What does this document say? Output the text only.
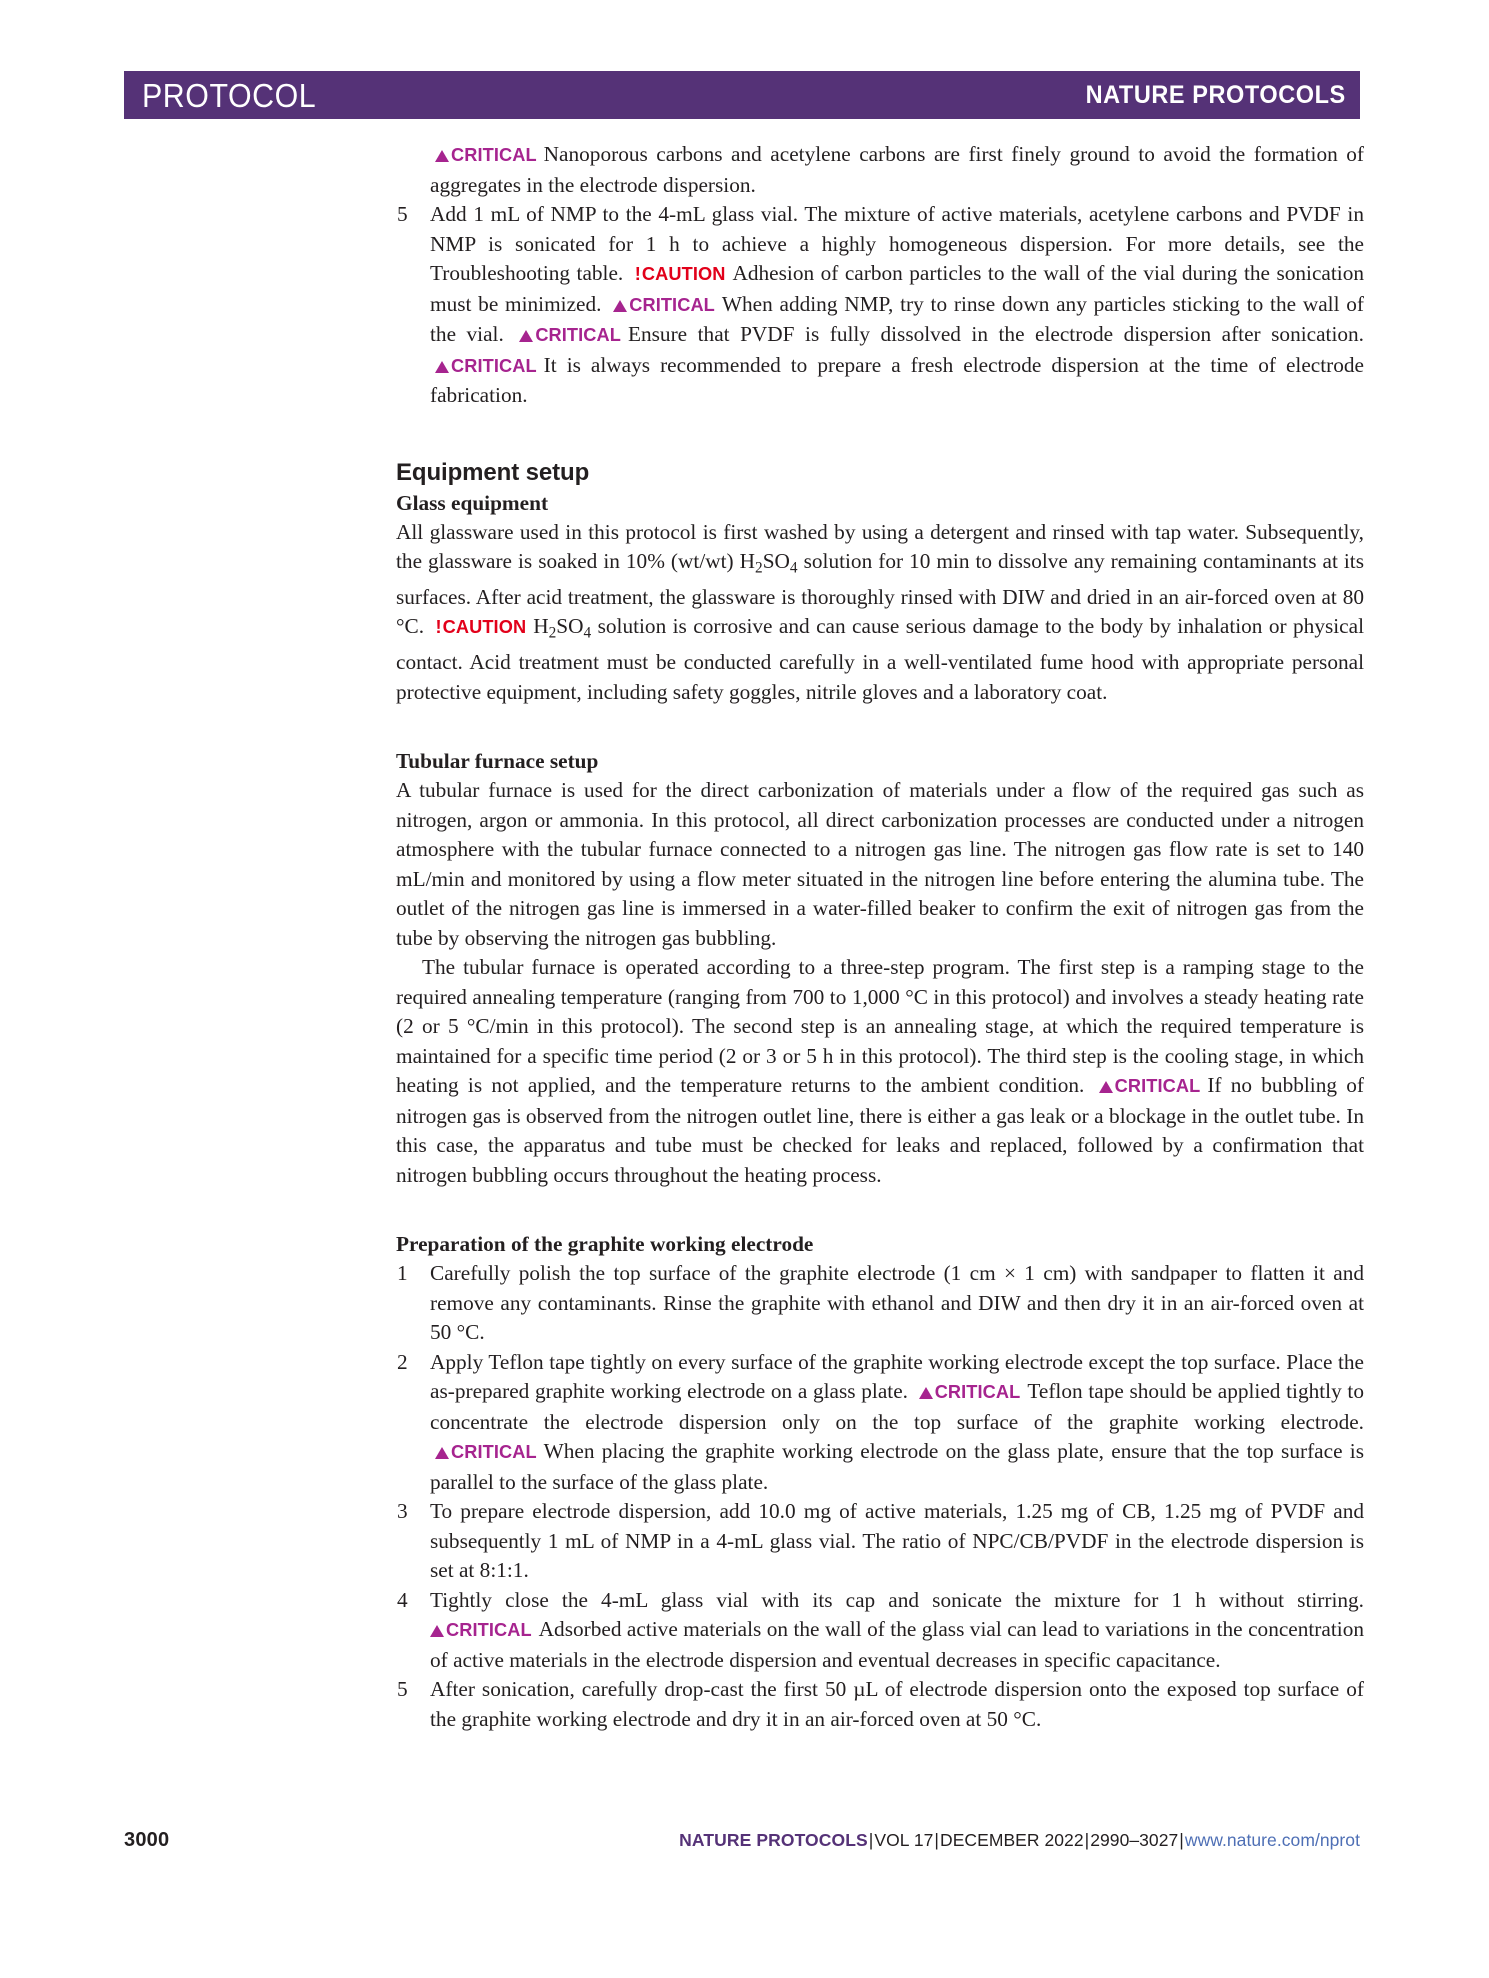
PROTOCOL	NATURE PROTOCOLS
CRITICAL Nanoporous carbons and acetylene carbons are first finely ground to avoid the formation of aggregates in the electrode dispersion.
5	Add 1 mL of NMP to the 4-mL glass vial. The mixture of active materials, acetylene carbons and PVDF in NMP is sonicated for 1 h to achieve a highly homogeneous dispersion. For more details, see the Troubleshooting table. !CAUTION Adhesion of carbon particles to the wall of the vial during the sonication must be minimized. CRITICAL When adding NMP, try to rinse down any particles sticking to the wall of the vial. CRITICAL Ensure that PVDF is fully dissolved in the electrode dispersion after sonication. CRITICAL It is always recommended to prepare a fresh electrode dispersion at the time of electrode fabrication.
Equipment setup
Glass equipment

All glassware used in this protocol is first washed by using a detergent and rinsed with tap water. Subsequently, the glassware is soaked in 10% (wt/wt) $H_2SO_4$ solution for 10 min to dissolve any remaining contaminants at its surfaces. After acid treatment, the glassware is thoroughly rinsed with DIW and dried in an air-forced oven at 80 °C. !CAUTION $H_2SO_4$ solution is corrosive and can cause serious damage to the body by inhalation or physical contact. Acid treatment must be conducted carefully in a well-ventilated fume hood with appropriate personal protective equipment, including safety goggles, nitrile gloves and a laboratory coat.

Tubular furnace setup

A tubular furnace is used for the direct carbonization of materials under a flow of the required gas such as nitrogen, argon or ammonia. In this protocol, all direct carbonization processes are conducted under a nitrogen atmosphere with the tubular furnace connected to a nitrogen gas line. The nitrogen gas flow rate is set to 140 mL/min and monitored by using a flow meter situated in the nitrogen line before entering the alumina tube. The outlet of the nitrogen gas line is immersed in a water-filled beaker to confirm the exit of nitrogen gas from the tube by observing the nitrogen gas bubbling.

The tubular furnace is operated according to a three-step program. The first step is a ramping stage to the required annealing temperature (ranging from 700 to 1,000 °C in this protocol) and involves a steady heating rate (2 or 5 °C/min in this protocol). The second step is an annealing stage, at which the required temperature is maintained for a specific time period (2 or 3 or 5 h in this protocol). The third step is the cooling stage, in which heating is not applied, and the temperature returns to the ambient condition. CRITICAL If no bubbling of nitrogen gas is observed from the nitrogen outlet line, there is either a gas leak or a blockage in the outlet tube. In this case, the apparatus and tube must be checked for leaks and replaced, followed by a confirmation that nitrogen bubbling occurs throughout the heating process.

Preparation of the graphite working electrode
1	Carefully polish the top surface of the graphite electrode (1 cm × 1 cm) with sandpaper to flatten it and remove any contaminants. Rinse the graphite with ethanol and DIW and then dry it in an air-forced oven at 50 °C.
2	Apply Teflon tape tightly on every surface of the graphite working electrode except the top surface. Place the as-prepared graphite working electrode on a glass plate. CRITICAL Teflon tape should be applied tightly to concentrate the electrode dispersion only on the top surface of the graphite working electrode. CRITICAL When placing the graphite working electrode on the glass plate, ensure that the top surface is parallel to the surface of the glass plate.
3	To prepare electrode dispersion, add 10.0 mg of active materials, 1.25 mg of CB, 1.25 mg of PVDF and subsequently 1 mL of NMP in a 4-mL glass vial. The ratio of NPC/CB/PVDF in the electrode dispersion is set at 8:1:1.
4	Tightly close the 4-mL glass vial with its cap and sonicate the mixture for 1 h without stirring. CRITICAL Adsorbed active materials on the wall of the glass vial can lead to variations in the concentration of active materials in the electrode dispersion and eventual decreases in specific capacitance.
5	After sonication, carefully drop-cast the first 50 µL of electrode dispersion onto the exposed top surface of the graphite working electrode and dry it in an air-forced oven at 50 °C.
3000	NATURE PROTOCOLS|VOL 17|DECEMBER 2022|2990–3027|www.nature.com/nprot
